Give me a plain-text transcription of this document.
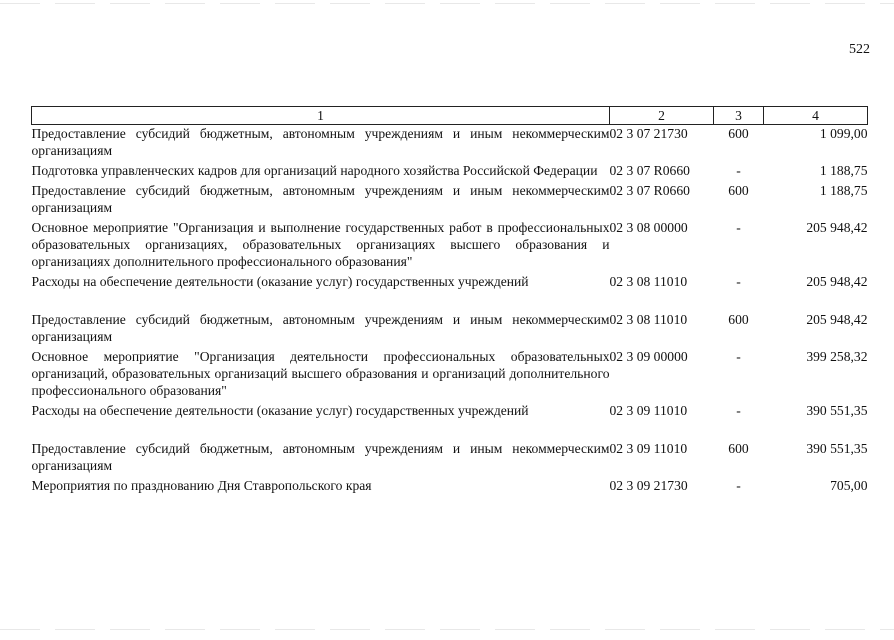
522
1	2	3	4
Предоставление субсидий бюджетным, автономным учреждениям и иным некоммерческим организациям	02 3 07 21730	600	1 099,00
Подготовка управленческих кадров для организаций народного хозяйства Российской Федерации	02 3 07 R0660	-	1 188,75
Предоставление субсидий бюджетным, автономным учреждениям и иным некоммерческим организациям	02 3 07 R0660	600	1 188,75
Основное мероприятие "Организация и выполнение государственных работ в профессиональных образовательных организациях, образовательных организациях высшего образования и организациях дополнительного профессионального образования"	02 3 08 00000	-	205 948,42
Расходы на обеспечение деятельности (оказание услуг) государственных учреждений	02 3 08 11010	-	205 948,42
Предоставление субсидий бюджетным, автономным учреждениям и иным некоммерческим организациям	02 3 08 11010	600	205 948,42
Основное мероприятие "Организация деятельности профессиональных образовательных организаций, образовательных организаций высшего образования и организаций дополнительного профессионального образования"	02 3 09 00000	-	399 258,32
Расходы на обеспечение деятельности (оказание услуг) государственных учреждений	02 3 09 11010	-	390 551,35
Предоставление субсидий бюджетным, автономным учреждениям и иным некоммерческим организациям	02 3 09 11010	600	390 551,35
Мероприятия по празднованию Дня Ставропольского края	02 3 09 21730	-	705,00
